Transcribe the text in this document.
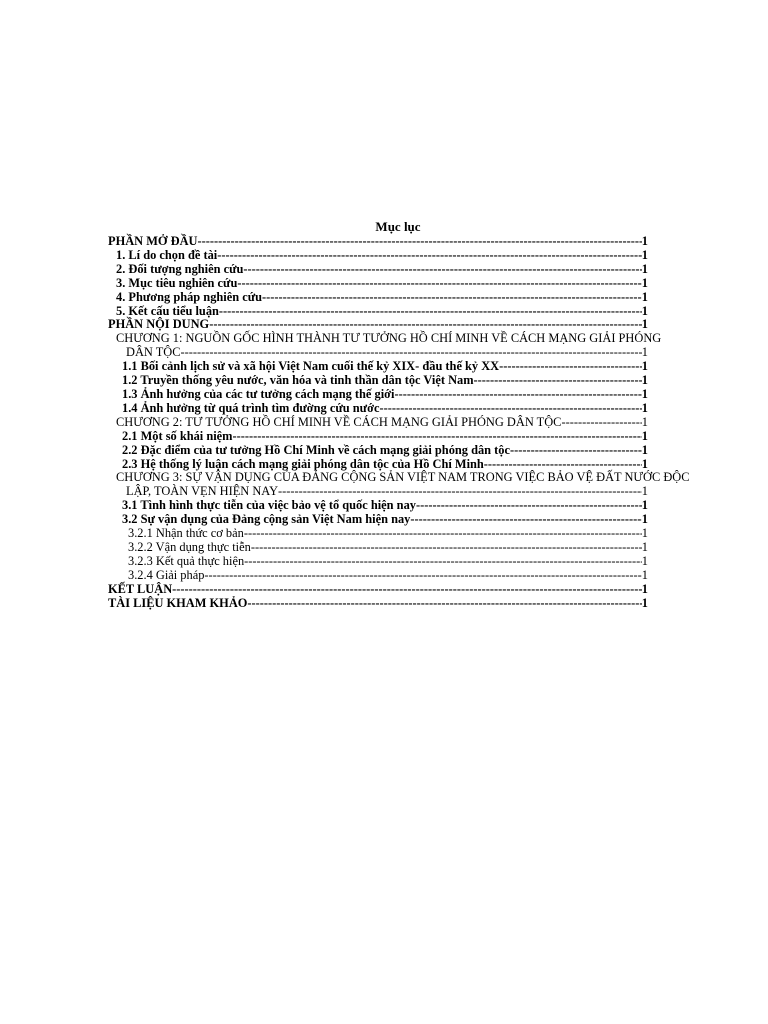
Mục lục
PHẦN MỞ ĐẦU -----	1
1. Lí do chọn đề tài -----	1
2. Đối tượng nghiên cứu -----	1
3. Mục tiêu nghiên cứu -----	1
4. Phương pháp nghiên cứu -----	1
5. Kết cấu tiểu luận -----	1
PHẦN NỘI DUNG -----	1
CHƯƠNG 1: NGUỒN GỐC HÌNH THÀNH TƯ TƯỞNG HỒ CHÍ MINH VỀ CÁCH MẠNG GIẢI PHÓNG
DÂN TỘC -----	1
1.1 Bối cảnh lịch sử và xã hội Việt Nam cuối thế kỷ XIX- đầu thế kỷ XX -----	1
1.2 Truyền thống yêu nước, văn hóa và tinh thần dân tộc Việt Nam -----	1
1.3 Ảnh hưởng của các tư tưởng cách mạng thế giới -----	1
1.4 Ảnh hưởng từ quá trình tìm đường cứu nước -----	1
CHƯƠNG 2: TƯ TƯỞNG HỒ CHÍ MINH VỀ CÁCH MẠNG GIẢI PHÓNG DÂN TỘC -----	1
2.1 Một số khái niệm -----	1
2.2 Đặc điểm của tư tưởng Hồ Chí Minh về cách mạng giải phóng dân tộc -----	1
2.3 Hệ thống lý luận cách mạng giải phóng dân tộc của Hồ Chí Minh -----	1
CHƯƠNG 3: SỰ VẬN DỤNG CỦA ĐẢNG CỘNG SẢN VIỆT NAM TRONG VIỆC BẢO VỆ ĐẤT NƯỚC ĐỘC
LẬP, TOÀN VẸN HIỆN NAY -----	1
3.1 Tình hình thực tiễn của việc bảo vệ tổ quốc hiện nay -----	1
3.2 Sự vận dụng của Đảng cộng sản Việt Nam hiện nay -----	1
3.2.1 Nhận thức cơ bản -----	1
3.2.2 Vận dụng thực tiễn -----	1
3.2.3 Kết quả thực hiện -----	1
3.2.4 Giải pháp -----	1
KẾT LUẬN -----	1
TÀI LIỆU KHAM KHẢO -----	1
